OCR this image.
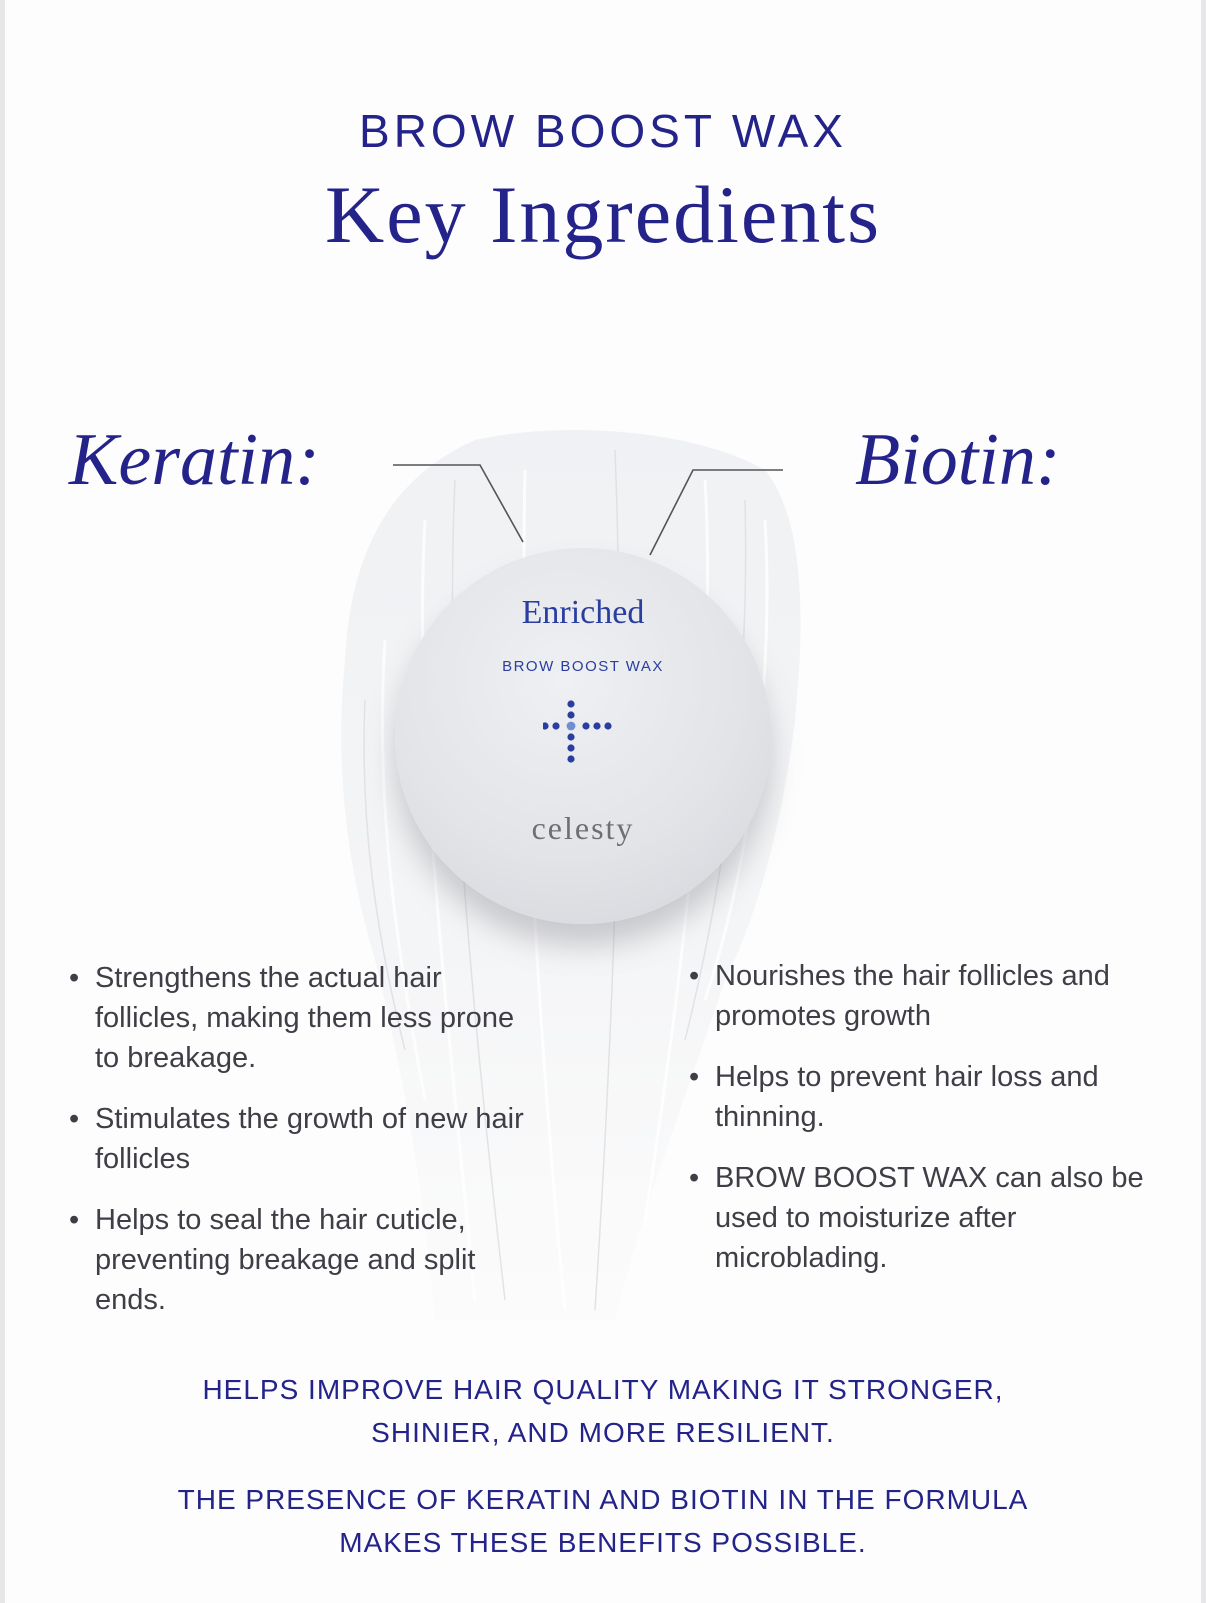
BROW BOOST WAX
Key Ingredients
Keratin:	Biotin:
Enriched
BROW BOOST WAX
celesty
• Strengthens the actual hair follicles, making them less prone to breakage.
• Stimulates the growth of new hair follicles
• Helps to seal the hair cuticle, preventing breakage and split ends.
• Nourishes the hair follicles and promotes growth
• Helps to prevent hair loss and thinning.
• BROW BOOST WAX can also be used to moisturize after microblading.
HELPS IMPROVE HAIR QUALITY MAKING IT STRONGER, SHINIER, AND MORE RESILIENT.
THE PRESENCE OF KERATIN AND BIOTIN IN THE FORMULA MAKES THESE BENEFITS POSSIBLE.
